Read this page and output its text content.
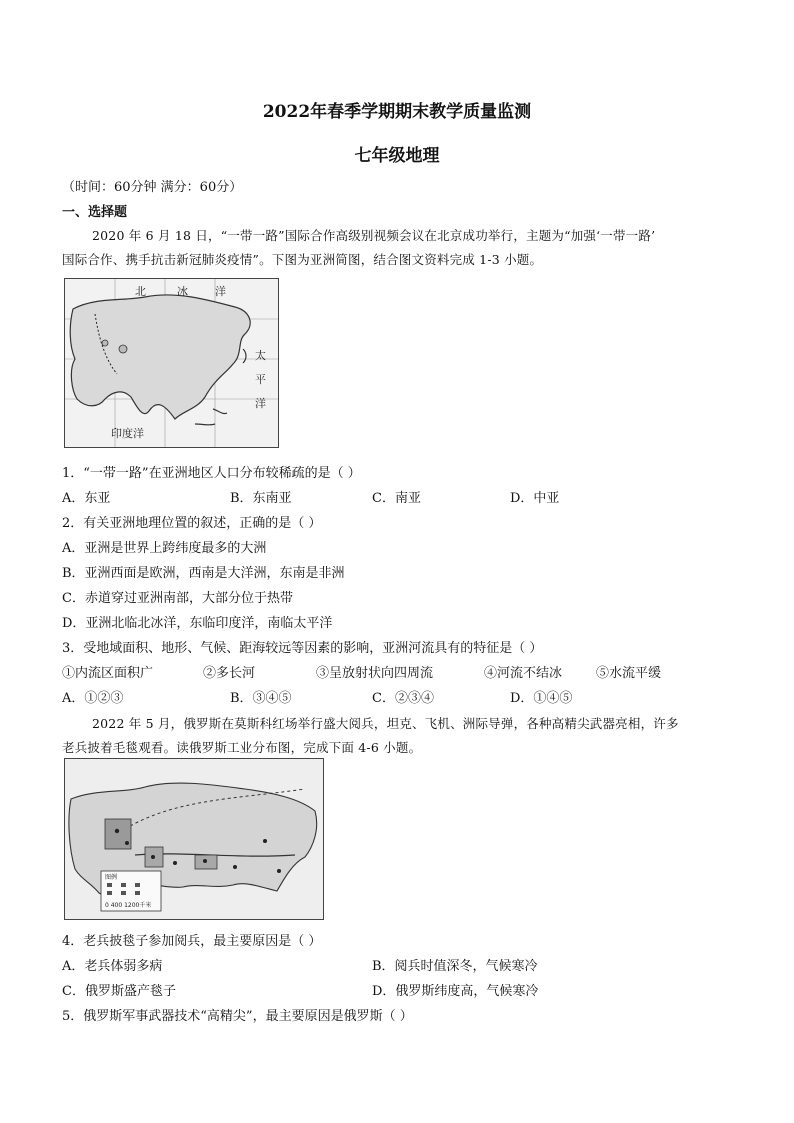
2022年春季学期期末教学质量监测
七年级地理
（时间：60分钟 满分：60分）
一、选择题
2020 年 6 月 18 日，“一带一路”国际合作高级别视频会议在北京成功举行，主题为“加强‘一带一路’
国际合作、携手抗击新冠肺炎疫情”。下图为亚洲简图，结合图文资料完成 1-3 小题。
北	冰 洋
太
平
洋
印度洋
1．“一带一路”在亚洲地区人口分布较稀疏的是（ ）
A．东亚	B．东南亚	C．南亚	D．中亚
2．有关亚洲地理位置的叙述，正确的是（ ）
A．亚洲是世界上跨纬度最多的大洲
B．亚洲西面是欧洲，西南是大洋洲，东南是非洲
C．赤道穿过亚洲南部，大部分位于热带
D．亚洲北临北冰洋，东临印度洋，南临太平洋
3．受地域面积、地形、气候、距海较远等因素的影响，亚洲河流具有的特征是（ ）
①内流区面积广	②多长河	③呈放射状向四周流	④河流不结冰	⑤水流平缓
A．①②③	B．③④⑤	C．②③④	D．①④⑤
2022 年 5 月，俄罗斯在莫斯科红场举行盛大阅兵，坦克、飞机、洲际导弹，各种高精尖武器亮相，许多
老兵披着毛毯观看。读俄罗斯工业分布图，完成下面 4-6 小题。
图例
0 400 1200千米
4．老兵披毯子参加阅兵，最主要原因是（ ）
A．老兵体弱多病	B．阅兵时值深冬，气候寒冷
C．俄罗斯盛产毯子	D．俄罗斯纬度高，气候寒冷
5．俄罗斯军事武器技术“高精尖”，最主要原因是俄罗斯（ ）
